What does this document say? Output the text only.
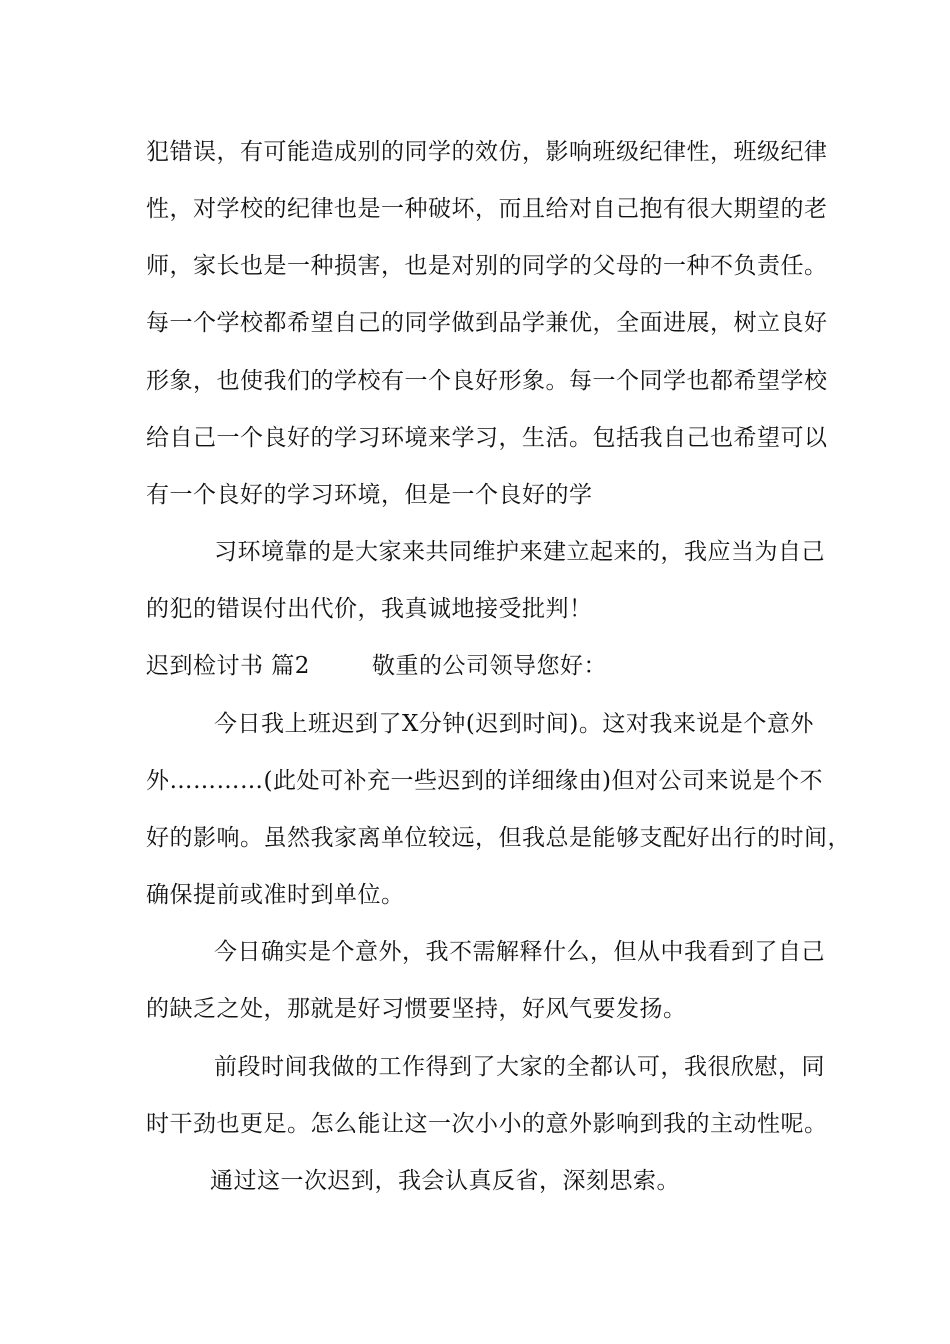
犯错误，有可能造成别的同学的效仿，影响班级纪律性，班级纪律
性，对学校的纪律也是一种破坏，而且给对自己抱有很大期望的老
师，家长也是一种损害，也是对别的同学的父母的一种不负责任。
每一个学校都希望自己的同学做到品学兼优，全面进展，树立良好
形象，也使我们的学校有一个良好形象。每一个同学也都希望学校
给自己一个良好的学习环境来学习，生活。包括我自己也希望可以
有一个良好的学习环境，但是一个良好的学
习环境靠的是大家来共同维护来建立起来的，我应当为自己
的犯的错误付出代价，我真诚地接受批判！
迟到检讨书 篇2	敬重的公司领导您好：
今日我上班迟到了X分钟(迟到时间)。这对我来说是个意外
外…………(此处可补充一些迟到的详细缘由)但对公司来说是个不
好的影响。虽然我家离单位较远，但我总是能够支配好出行的时间，
确保提前或准时到单位。
今日确实是个意外，我不需解释什么，但从中我看到了自己
的缺乏之处，那就是好习惯要坚持，好风气要发扬。
前段时间我做的工作得到了大家的全都认可，我很欣慰，同
时干劲也更足。怎么能让这一次小小的意外影响到我的主动性呢。
通过这一次迟到，我会认真反省，深刻思索。
